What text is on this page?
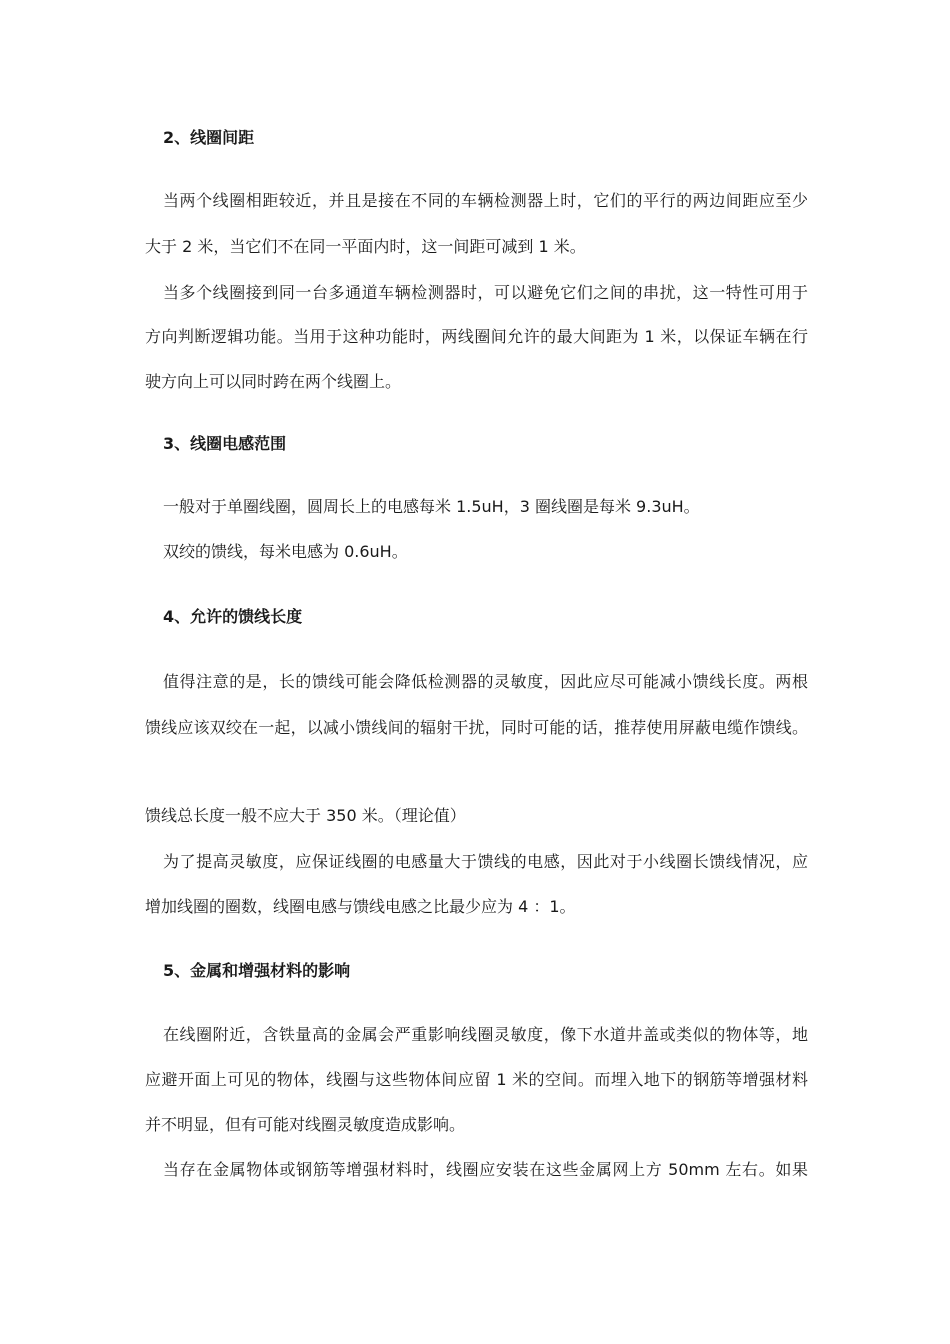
2、线圈间距

当两个线圈相距较近，并且是接在不同的车辆检测器上时，它们的平行的两边间距应至少

大于 2 米，当它们不在同一平面内时，这一间距可减到 1 米。

当多个线圈接到同一台多通道车辆检测器时，可以避免它们之间的串扰，这一特性可用于

方向判断逻辑功能。当用于这种功能时，两线圈间允许的最大间距为 1 米，以保证车辆在行

驶方向上可以同时跨在两个线圈上。

3、线圈电感范围

一般对于单圈线圈，圆周长上的电感每米 1.5uH，3 圈线圈是每米 9.3uH。

双绞的馈线，每米电感为 0.6uH。

4、允许的馈线长度

值得注意的是，长的馈线可能会降低检测器的灵敏度，因此应尽可能减小馈线长度。两根

馈线应该双绞在一起，以减小馈线间的辐射干扰，同时可能的话，推荐使用屏蔽电缆作馈线。

馈线总长度一般不应大于 350 米。（理论值）

为了提高灵敏度，应保证线圈的电感量大于馈线的电感，因此对于小线圈长馈线情况，应

增加线圈的圈数，线圈电感与馈线电感之比最少应为 4 ：1。

5、金属和增强材料的影响

在线圈附近，含铁量高的金属会严重影响线圈灵敏度，像下水道井盖或类似的物体等，地

应避开面上可见的物体，线圈与这些物体间应留 1 米的空间。而埋入地下的钢筋等增强材料

并不明显，但有可能对线圈灵敏度造成影响。

当存在金属物体或钢筋等增强材料时，线圈应安装在这些金属网上方 50mm 左右。如果
